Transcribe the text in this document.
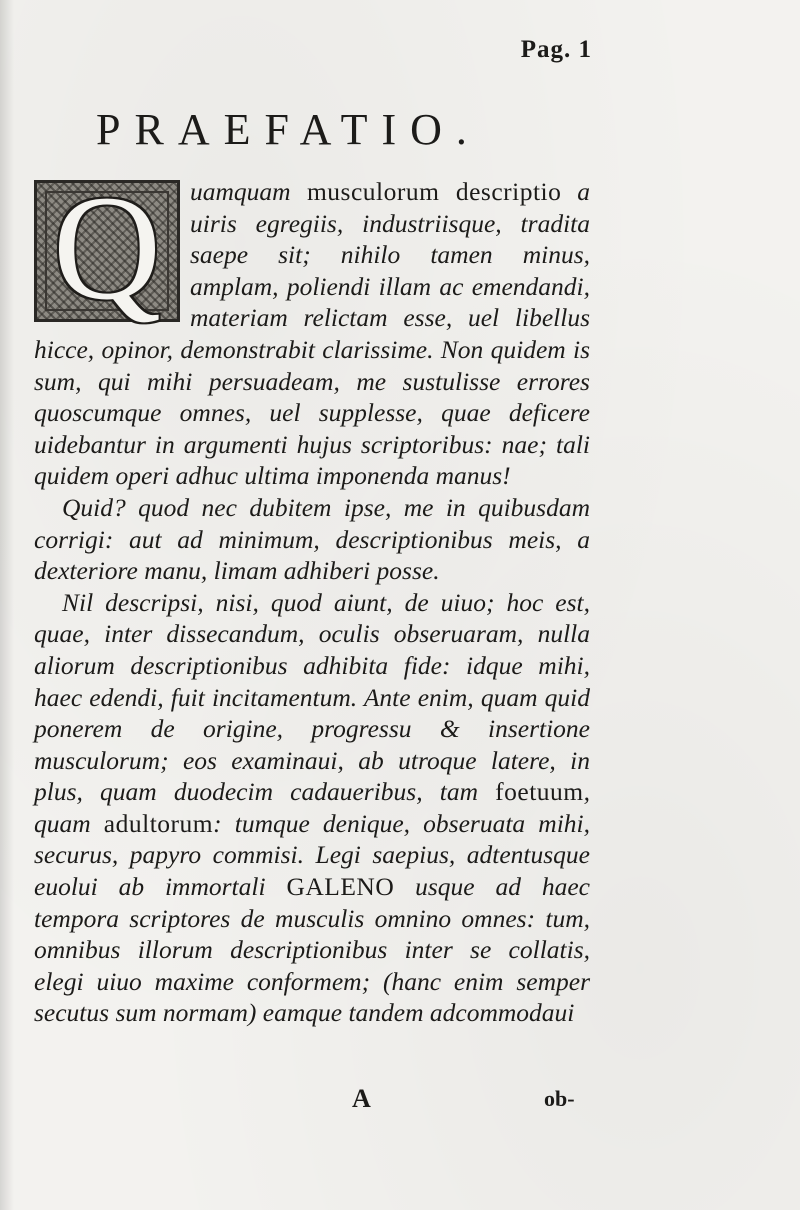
Pag. 1
PRAEFATIO.

Q uamquam musculorum descriptio a uiris egregiis, industriisque, tradita saepe sit; nihilo tamen minus, amplam, poliendi illam ac emendandi, materiam relictam esse, uel libellus hicce, opinor, demonstrabit clarissime. Non quidem is sum, qui mihi persuadeam, me sustulisse errores quoscumque omnes, uel supplesse, quae deficere uidebantur in argumenti hujus scriptoribus: nae; tali quidem operi adhuc ultima imponenda manus!

Quid? quod nec dubitem ipse, me in quibusdam corrigi: aut ad minimum, descriptionibus meis, a dexteriore manu, limam adhiberi posse.

Nil descripsi, nisi, quod aiunt, de uiuo; hoc est, quae, inter dissecandum, oculis obseruaram, nulla aliorum descriptionibus adhibita fide: idque mihi, haec edendi, fuit incitamentum. Ante enim, quam quid ponerem de origine, progressu & insertione musculorum; eos examinaui, ab utroque latere, in plus, quam duodecim cadaueribus, tam foetuum, quam adultorum: tumque denique, obseruata mihi, securus, papyro commisi. Legi saepius, adtentusque euolui ab immortali GALENO usque ad haec tempora scriptores de musculis omnino omnes: tum, omnibus illorum descriptionibus inter se collatis, elegi uiuo maxime conformem; (hanc enim semper secutus sum normam) eamque tandem adcommodaui

A	ob-
